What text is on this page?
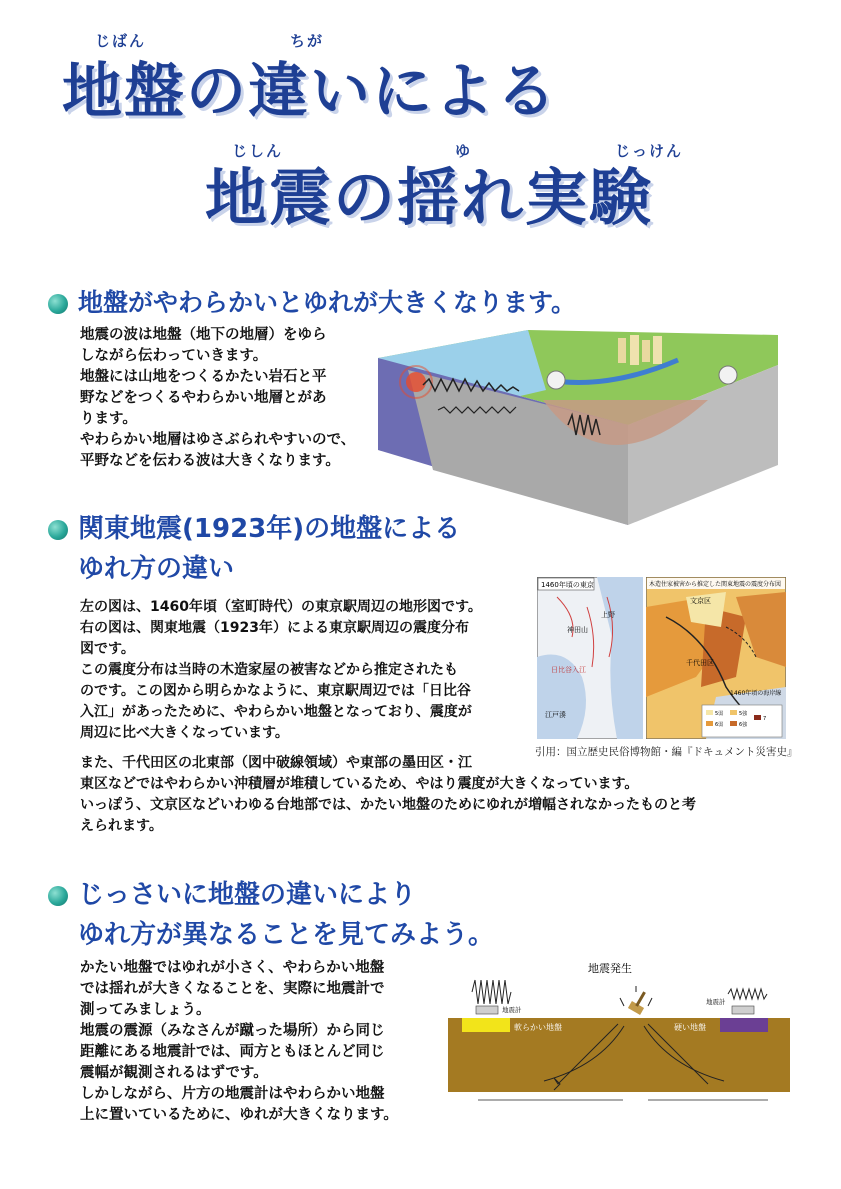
じばん	ちが
地盤の違いによる
じしん	ゆ	じっけん
地震の揺れ実験
地盤がやわらかいとゆれが大きくなります。

地震の波は地盤（地下の地層）をゆら

しながら伝わっていきます。

地盤には山地をつくるかたい岩石と平

野などをつくるやわらかい地層とがあ

ります。

やわらかい地層はゆさぶられやすいので、

平野などを伝わる波は大きくなります。

関東地震(1923年)の地盤による
ゆれ方の違い

左の図は、1460年頃（室町時代）の東京駅周辺の地形図です。

右の図は、関東地震（1923年）による東京駅周辺の震度分布

図です。

この震度分布は当時の木造家屋の被害などから推定されたも

のです。この図から明らかなように、東京駅周辺では「日比谷

入江」があったために、やわらかい地盤となっており、震度が

周辺に比べ大きくなっています。

また、千代田区の北東部（図中破線領域）や東部の墨田区・江

東区などではやわらかい沖積層が堆積しているため、やはり震度が大きくなっています。

いっぽう、文京区などいわゆる台地部では、かたい地盤のためにゆれが増幅されなかったものと考

えられます。

1460年頃の東京
上野
日比谷入江
江戸湊
神田山
木造住家被害から推定した関東地震の震度分布図
文京区
千代田区
1460年頃の海岸線
5弱	5強
6弱	6強
7
引用：国立歴史民俗博物館・編『ドキュメント災害史』
じっさいに地盤の違いにより
ゆれ方が異なることを見てみよう。

かたい地盤ではゆれが小さく、やわらかい地盤

では揺れが大きくなることを、実際に地震計で

測ってみましょう。

地震の震源（みなさんが蹴った場所）から同じ

距離にある地震計では、両方ともほとんど同じ

震幅が観測されるはずです。

しかしながら、片方の地震計はやわらかい地盤

上に置いているために、ゆれが大きくなります。

地震発生
地震計
地震計
軟らかい地盤	硬い地盤
